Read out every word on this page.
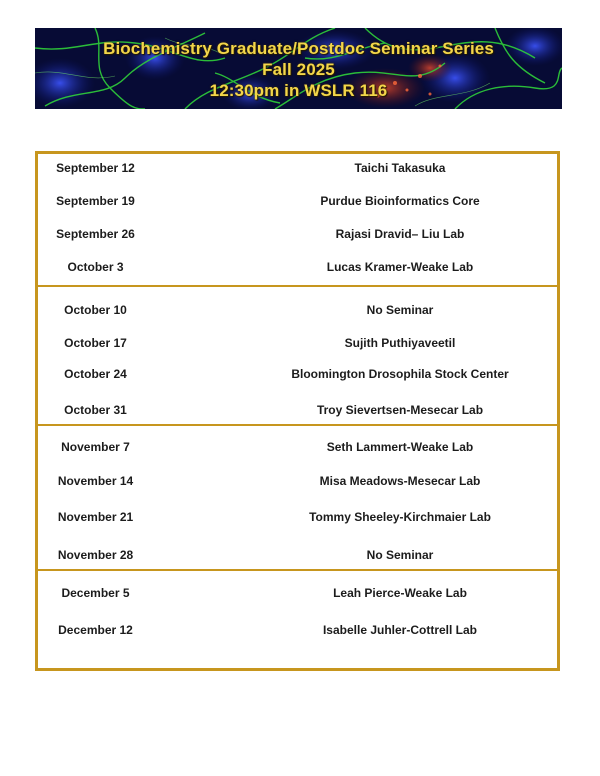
Biochemistry Graduate/Postdoc Seminar Series
Fall 2025
12:30pm in WSLR 116
September 12	Taichi Takasuka
September 19	Purdue Bioinformatics Core
September 26	Rajasi Dravid– Liu Lab
October 3	Lucas Kramer-Weake Lab
October 10	No Seminar
October 17	Sujith Puthiyaveetil
October 24	Bloomington Drosophila Stock Center
October 31	Troy Sievertsen-Mesecar Lab
November 7	Seth Lammert-Weake Lab
November 14	Misa Meadows-Mesecar Lab
November 21	Tommy Sheeley-Kirchmaier Lab
November 28	No Seminar
December 5	Leah Pierce-Weake Lab
December 12	Isabelle Juhler-Cottrell Lab
